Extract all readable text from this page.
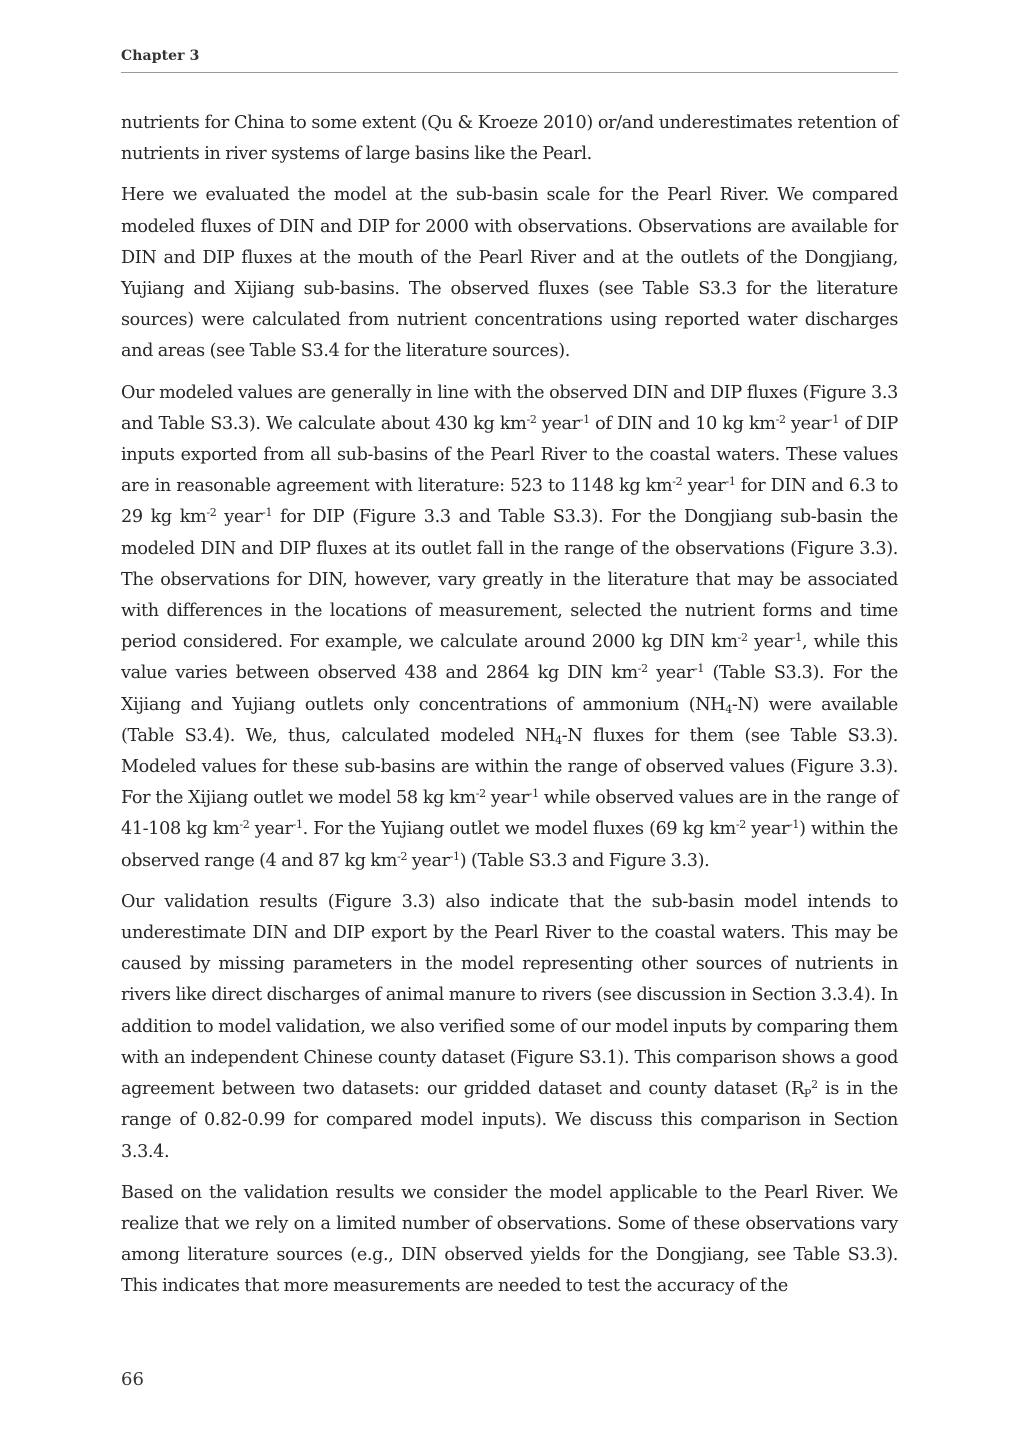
Chapter 3

nutrients for China to some extent (Qu & Kroeze 2010) or/and underestimates retention of nutrients in river systems of large basins like the Pearl.

Here we evaluated the model at the sub-basin scale for the Pearl River. We compared modeled fluxes of DIN and DIP for 2000 with observations. Observations are available for DIN and DIP fluxes at the mouth of the Pearl River and at the outlets of the Dongjiang, Yujiang and Xijiang sub-basins. The observed fluxes (see Table S3.3 for the literature sources) were calculated from nutrient concentrations using reported water discharges and areas (see Table S3.4 for the literature sources).

Our modeled values are generally in line with the observed DIN and DIP fluxes (Figure 3.3 and Table S3.3). We calculate about 430 kg $km^{-2}$ year$^{-1}$ of DIN and 10 kg $km^{-2}$ year$^{-1}$ of DIP inputs exported from all sub-basins of the Pearl River to the coastal waters. These values are in reasonable agreement with literature: 523 to 1148 kg $km^{-2}$ year$^{-1}$ for DIN and 6.3 to 29 kg $km^{-2}$ year$^{-1}$ for DIP (Figure 3.3 and Table S3.3). For the Dongjiang sub-basin the modeled DIN and DIP fluxes at its outlet fall in the range of the observations (Figure 3.3). The observations for DIN, however, vary greatly in the literature that may be associated with differences in the locations of measurement, selected the nutrient forms and time period considered. For example, we calculate around 2000 kg DIN $km^{-2}$ year$^{-1}$, while this value varies between observed 438 and 2864 kg DIN $km^{-2}$ year$^{-1}$ (Table S3.3). For the Xijiang and Yujiang outlets only concentrations of ammonium $(NH_4-N)$ were available (Table S3.4). We, thus, calculated modeled $NH_4-N$ fluxes for them (see Table S3.3). Modeled values for these sub-basins are within the range of observed values (Figure 3.3). For the Xijiang outlet we model 58 kg $km^{-2}$ year$^{-1}$ while observed values are in the range of 41-108 kg $km^{-2}$ year$^{-1}$. For the Yujiang outlet we model fluxes (69 kg $km^{-2}$ year$^{-1}$) within the observed range (4 and 87 kg $km^{-2}$ year$^{-1}$) (Table S3.3 and Figure 3.3).

Our validation results (Figure 3.3) also indicate that the sub-basin model intends to underestimate DIN and DIP export by the Pearl River to the coastal waters. This may be caused by missing parameters in the model representing other sources of nutrients in rivers like direct discharges of animal manure to rivers (see discussion in Section 3.3.4). In addition to model validation, we also verified some of our model inputs by comparing them with an independent Chinese county dataset (Figure S3.1). This comparison shows a good agreement between two datasets: our gridded dataset and county dataset ($R_P^2$ is in the range of 0.82-0.99 for compared model inputs). We discuss this comparison in Section 3.3.4.

Based on the validation results we consider the model applicable to the Pearl River. We realize that we rely on a limited number of observations. Some of these observations vary among literature sources (e.g., DIN observed yields for the Dongjiang, see Table S3.3). This indicates that more measurements are needed to test the accuracy of the

66
